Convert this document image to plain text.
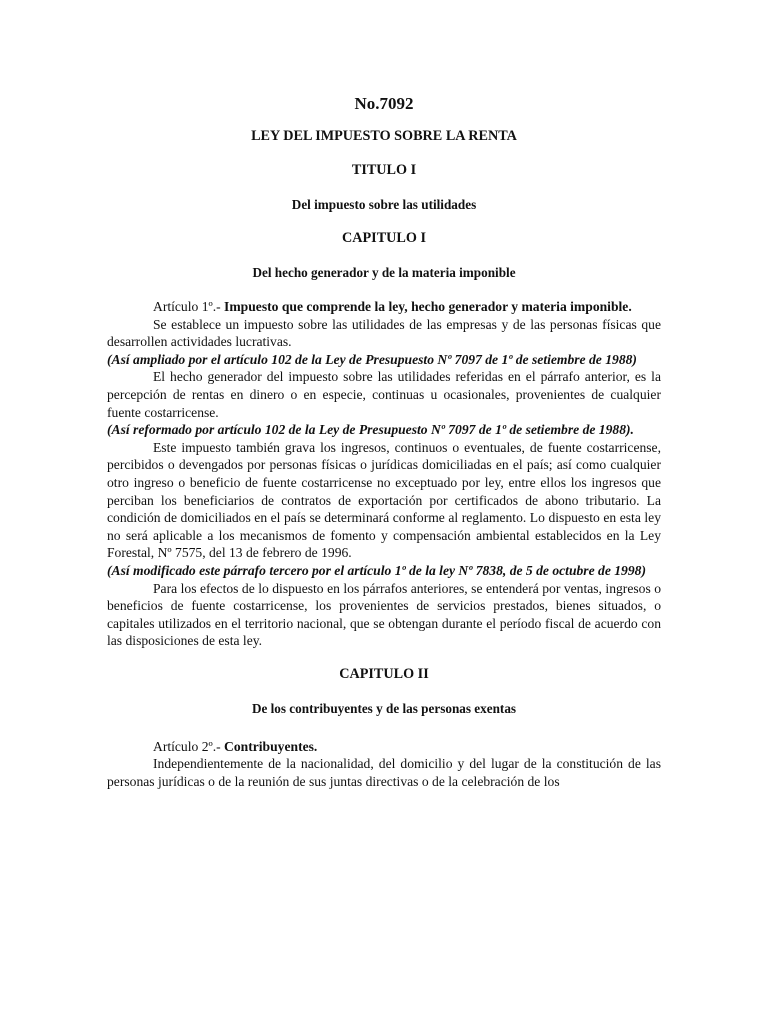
No.7092
LEY DEL IMPUESTO SOBRE LA RENTA
TITULO I
Del impuesto sobre las utilidades
CAPITULO I
Del hecho generador y de la materia imponible

Artículo 1º.- Impuesto que comprende la ley, hecho generador y materia imponible.

Se establece un impuesto sobre las utilidades de las empresas y de las personas físicas que desarrollen actividades lucrativas.

(Así ampliado por el artículo 102 de la Ley de Presupuesto Nº 7097 de 1º de setiembre de 1988)

El hecho generador del impuesto sobre las utilidades referidas en el párrafo anterior, es la percepción de rentas en dinero o en especie, continuas u ocasionales, provenientes de cualquier fuente costarricense.

(Así reformado por artículo 102 de la Ley de Presupuesto Nº 7097 de 1º de setiembre de 1988).

Este impuesto también grava los ingresos, continuos o eventuales, de fuente costarricense, percibidos o devengados por personas físicas o jurídicas domiciliadas en el país; así como cualquier otro ingreso o beneficio de fuente costarricense no exceptuado por ley, entre ellos los ingresos que perciban los beneficiarios de contratos de exportación por certificados de abono tributario. La condición de domiciliados en el país se determinará conforme al reglamento. Lo dispuesto en esta ley no será aplicable a los mecanismos de fomento y compensación ambiental establecidos en la Ley Forestal, Nº 7575, del 13 de febrero de 1996.

(Así modificado este párrafo tercero por el artículo 1º de la ley Nº 7838, de 5 de octubre de 1998)

Para los efectos de lo dispuesto en los párrafos anteriores, se entenderá por ventas, ingresos o beneficios de fuente costarricense, los provenientes de servicios prestados, bienes situados, o capitales utilizados en el territorio nacional, que se obtengan durante el período fiscal de acuerdo con las disposiciones de esta ley.

CAPITULO II
De los contribuyentes y de las personas exentas

Artículo 2º.- Contribuyentes.

Independientemente de la nacionalidad, del domicilio y del lugar de la constitución de las personas jurídicas o de la reunión de sus juntas directivas o de la celebración de los
